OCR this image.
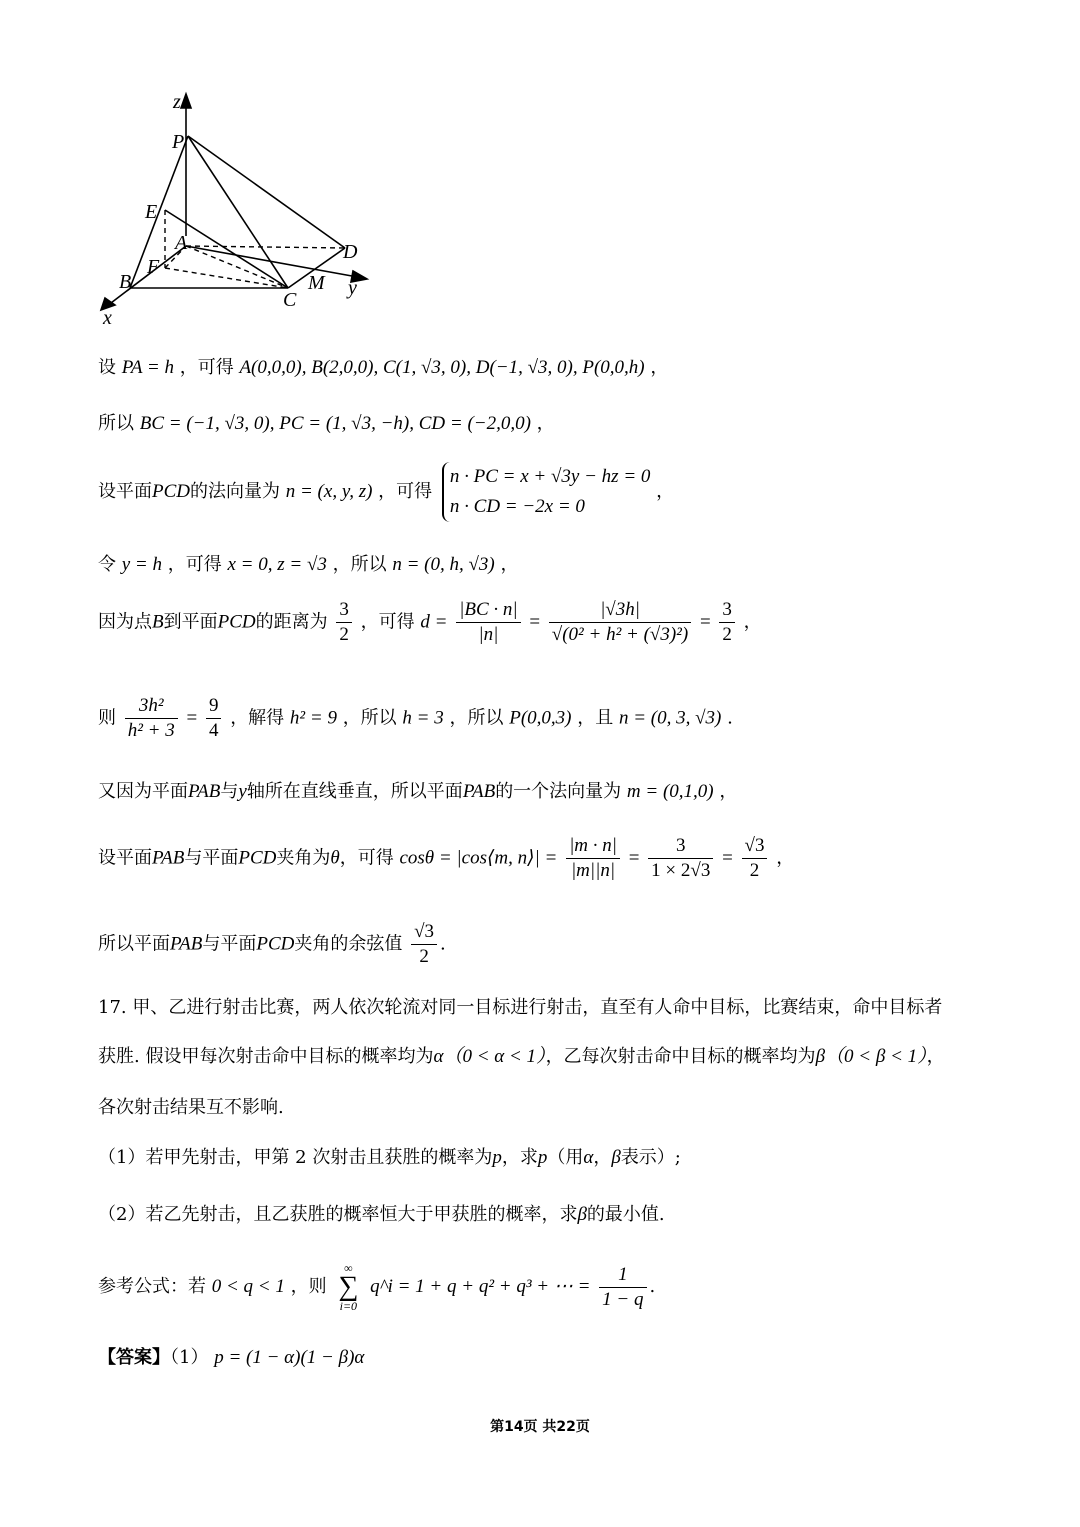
z
P
E
A	D
F
B	M
C
y
x
设 PA = h ，可得 A(0,0,0), B(2,0,0), C(1, √3, 0), D(−1, √3, 0), P(0,0,h) ，
所以 BC = (−1, √3, 0), PC = (1, √3, −h), CD = (−2,0,0) ，
设平面PCD的法向量为 n = (x, y, z) ，可得
n · PC = x + √3y − hz = 0
n · CD = −2x = 0
，
令 y = h ，可得 x = 0, z = √3 ，所以 n = (0, h, √3) ，
因为点B到平面PCD的距离为 $\frac{3}{2}$ ，可得 $d = \frac{|BC \cdot n|}{|n|} = \frac{|√3h|}{\text{√(0² + h² + (√3)²)}} = \frac{3}{2}$ ，
则 $\frac{\text{3h²}}{\text{h² + 3}} = \frac{9}{4}$ ，解得 h² = 9 ，所以 h = 3 ，所以 P(0,0,3) ，且 n = (0, 3, √3) .
又因为平面PAB与y轴所在直线垂直，所以平面PAB的一个法向量为 m = (0,1,0) ，
设平面PAB与平面PCD夹角为θ，可得 cosθ = |cos⟨m, n⟩| = $\frac{|m \cdot n|}{|m||n|} = \frac{3}{1 \times 2√3} = \frac{√3}{2}$ ，
所以平面PAB与平面PCD夹角的余弦值 $\frac{√3}{2}$ .
17. 甲、乙进行射击比赛，两人依次轮流对同一目标进行射击，直至有人命中目标，比赛结束，命中目标者
获胜. 假设甲每次射击命中目标的概率均为α（0 < α < 1），乙每次射击命中目标的概率均为β（0 < β < 1），
各次射击结果互不影响.
（1）若甲先射击，甲第 2 次射击且获胜的概率为p，求p（用α，β表示）;
（2）若乙先射击，且乙获胜的概率恒大于甲获胜的概率，求β的最小值.
参考公式：若 0 < q < 1 ，则
∞
∑
i=0
q^i = 1 + q + q² + q³ + ⋯ = $\frac{1}{1 - q}$ .
【答案】（1） p = (1 − α)(1 − β)α
第14页 共22页
